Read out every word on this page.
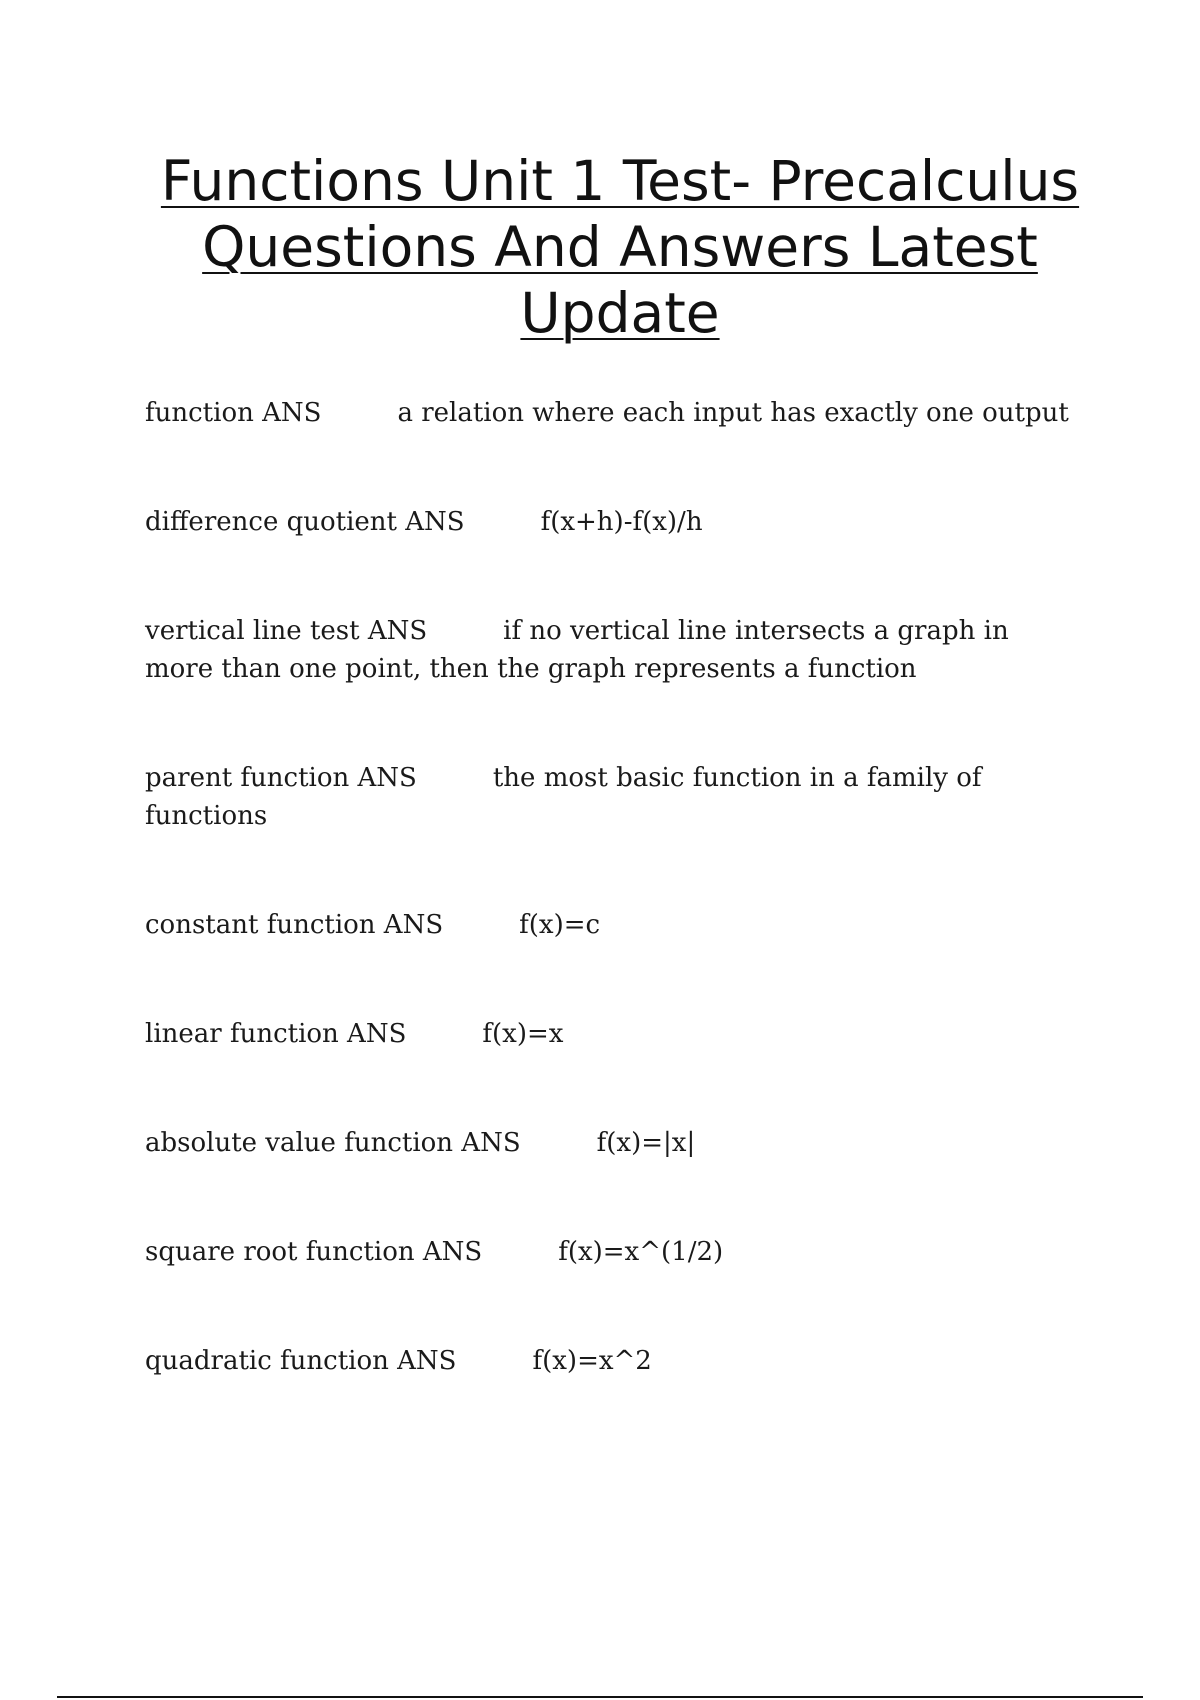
Functions Unit 1 Test- Precalculus Questions And Answers Latest Update

function ANS	a relation where each input has exactly one output

difference quotient ANS	f(x+h)-f(x)/h

vertical line test ANS	if no vertical line intersects a graph in more than one point, then the graph represents a function

parent function ANS	the most basic function in a family of functions

constant function ANS	f(x)=c

linear function ANS	f(x)=x

absolute value function ANS	f(x)=|x|

square root function ANS	f(x)=x^(1/2)

quadratic function ANS	f(x)=x^2
